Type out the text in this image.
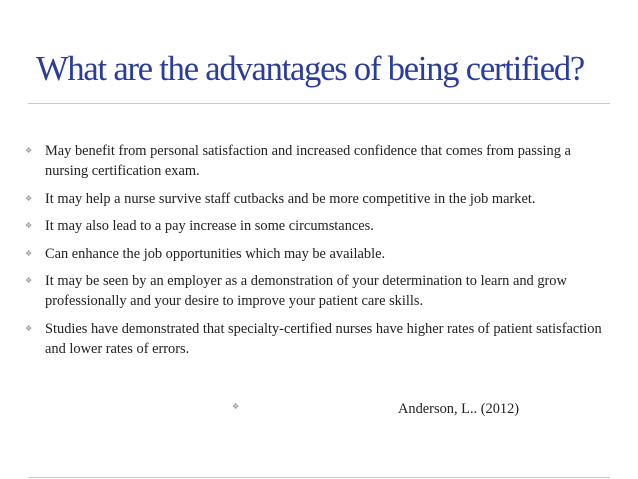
What are the advantages of being certified?
❖ May benefit from personal satisfaction and increased confidence that comes from passing a nursing certification exam.
❖ It may help a nurse survive staff cutbacks and be more competitive in the job market.
❖ It may also lead to a pay increase in some circumstances.
❖ Can enhance the job opportunities which may be available.
❖ It may be seen by an employer as a demonstration of your determination to learn and grow professionally and your desire to improve your patient care skills.
❖ Studies have demonstrated that specialty-certified nurses have higher rates of patient satisfaction and lower rates of errors.
❖	Anderson, L.. (2012)
